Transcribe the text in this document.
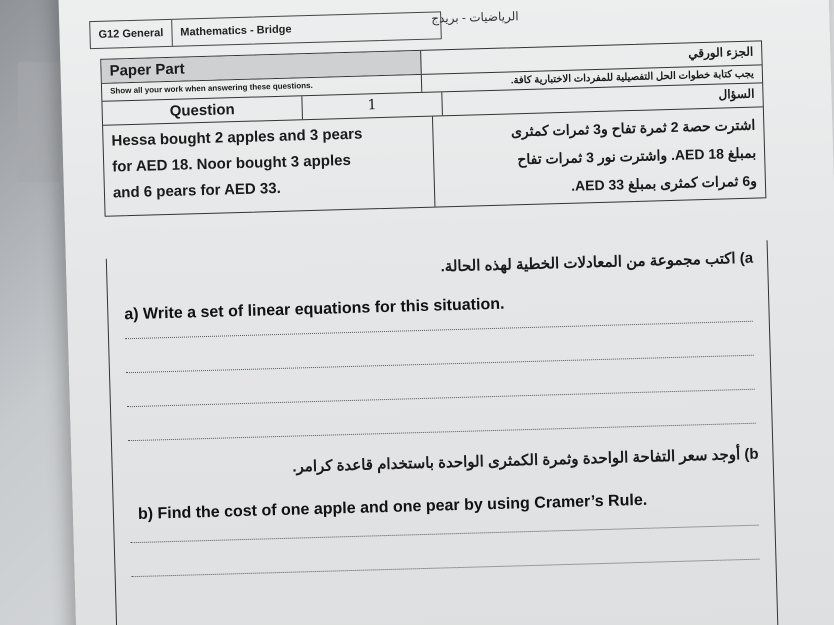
G12 General	Mathematics - Bridge
الرياضيات - بريدج
Paper Part
الجزء الورقي
Show all your work when answering these questions.
يجب كتابة خطوات الحل التفصيلية للمفردات الاختبارية كافة.
Question	1
السؤال
Hessa bought 2 apples and 3 pears
for AED 18. Noor bought 3 apples
and 6 pears for AED 33.
اشترت حصة 2 ثمرة تفاح و3 ثمرات كمثرى
بمبلغ AED 18. واشترت نور 3 ثمرات تفاح
و6 ثمرات كمثرى بمبلغ AED 33.
a) اكتب مجموعة من المعادلات الخطية لهذه الحالة.
a) Write a set of linear equations for this situation.
b) أوجد سعر التفاحة الواحدة وثمرة الكمثرى الواحدة باستخدام قاعدة كرامر.
b) Find the cost of one apple and one pear by using Cramer’s Rule.
